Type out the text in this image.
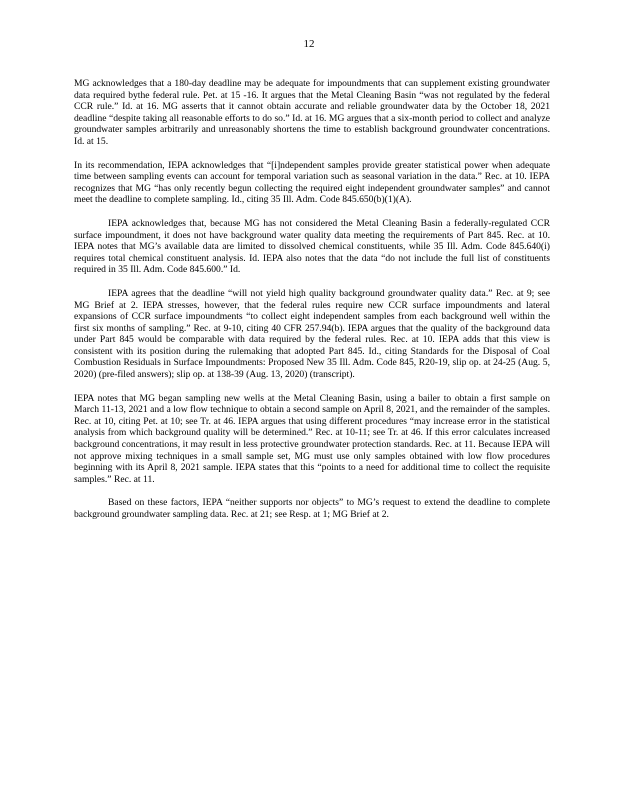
12

MG acknowledges that a 180-day deadline may be adequate for impoundments that can supplement existing groundwater data required bythe federal rule. Pet. at 15 -16. It argues that the Metal Cleaning Basin “was not regulated by the federal CCR rule.” Id. at 16. MG asserts that it cannot obtain accurate and reliable groundwater data by the October 18, 2021 deadline “despite taking all reasonable efforts to do so.” Id. at 16. MG argues that a six-month period to collect and analyze groundwater samples arbitrarily and unreasonably shortens the time to establish background groundwater concentrations. Id. at 15.

In its recommendation, IEPA acknowledges that “[i]ndependent samples provide greater statistical power when adequate time between sampling events can account for temporal variation such as seasonal variation in the data.” Rec. at 10. IEPA recognizes that MG “has only recently begun collecting the required eight independent groundwater samples” and cannot meet the deadline to complete sampling. Id., citing 35 Ill. Adm. Code 845.650(b)(1)(A).

IEPA acknowledges that, because MG has not considered the Metal Cleaning Basin a federally-regulated CCR surface impoundment, it does not have background water quality data meeting the requirements of Part 845. Rec. at 10. IEPA notes that MG’s available data are limited to dissolved chemical constituents, while 35 Ill. Adm. Code 845.640(i) requires total chemical constituent analysis. Id. IEPA also notes that the data “do not include the full list of constituents required in 35 Ill. Adm. Code 845.600.” Id.

IEPA agrees that the deadline “will not yield high quality background groundwater quality data.” Rec. at 9; see MG Brief at 2. IEPA stresses, however, that the federal rules require new CCR surface impoundments and lateral expansions of CCR surface impoundments “to collect eight independent samples from each background well within the first six months of sampling.” Rec. at 9-10, citing 40 CFR 257.94(b). IEPA argues that the quality of the background data under Part 845 would be comparable with data required by the federal rules. Rec. at 10. IEPA adds that this view is consistent with its position during the rulemaking that adopted Part 845. Id., citing Standards for the Disposal of Coal Combustion Residuals in Surface Impoundments: Proposed New 35 Ill. Adm. Code 845, R20-19, slip op. at 24-25 (Aug. 5, 2020) (pre-filed answers); slip op. at 138-39 (Aug. 13, 2020) (transcript).

IEPA notes that MG began sampling new wells at the Metal Cleaning Basin, using a bailer to obtain a first sample on March 11-13, 2021 and a low flow technique to obtain a second sample on April 8, 2021, and the remainder of the samples. Rec. at 10, citing Pet. at 10; see Tr. at 46. IEPA argues that using different procedures “may increase error in the statistical analysis from which background quality will be determined.” Rec. at 10-11; see Tr. at 46. If this error calculates increased background concentrations, it may result in less protective groundwater protection standards. Rec. at 11. Because IEPA will not approve mixing techniques in a small sample set, MG must use only samples obtained with low flow procedures beginning with its April 8, 2021 sample. IEPA states that this “points to a need for additional time to collect the requisite samples.” Rec. at 11.

Based on these factors, IEPA “neither supports nor objects” to MG’s request to extend the deadline to complete background groundwater sampling data. Rec. at 21; see Resp. at 1; MG Brief at 2.
